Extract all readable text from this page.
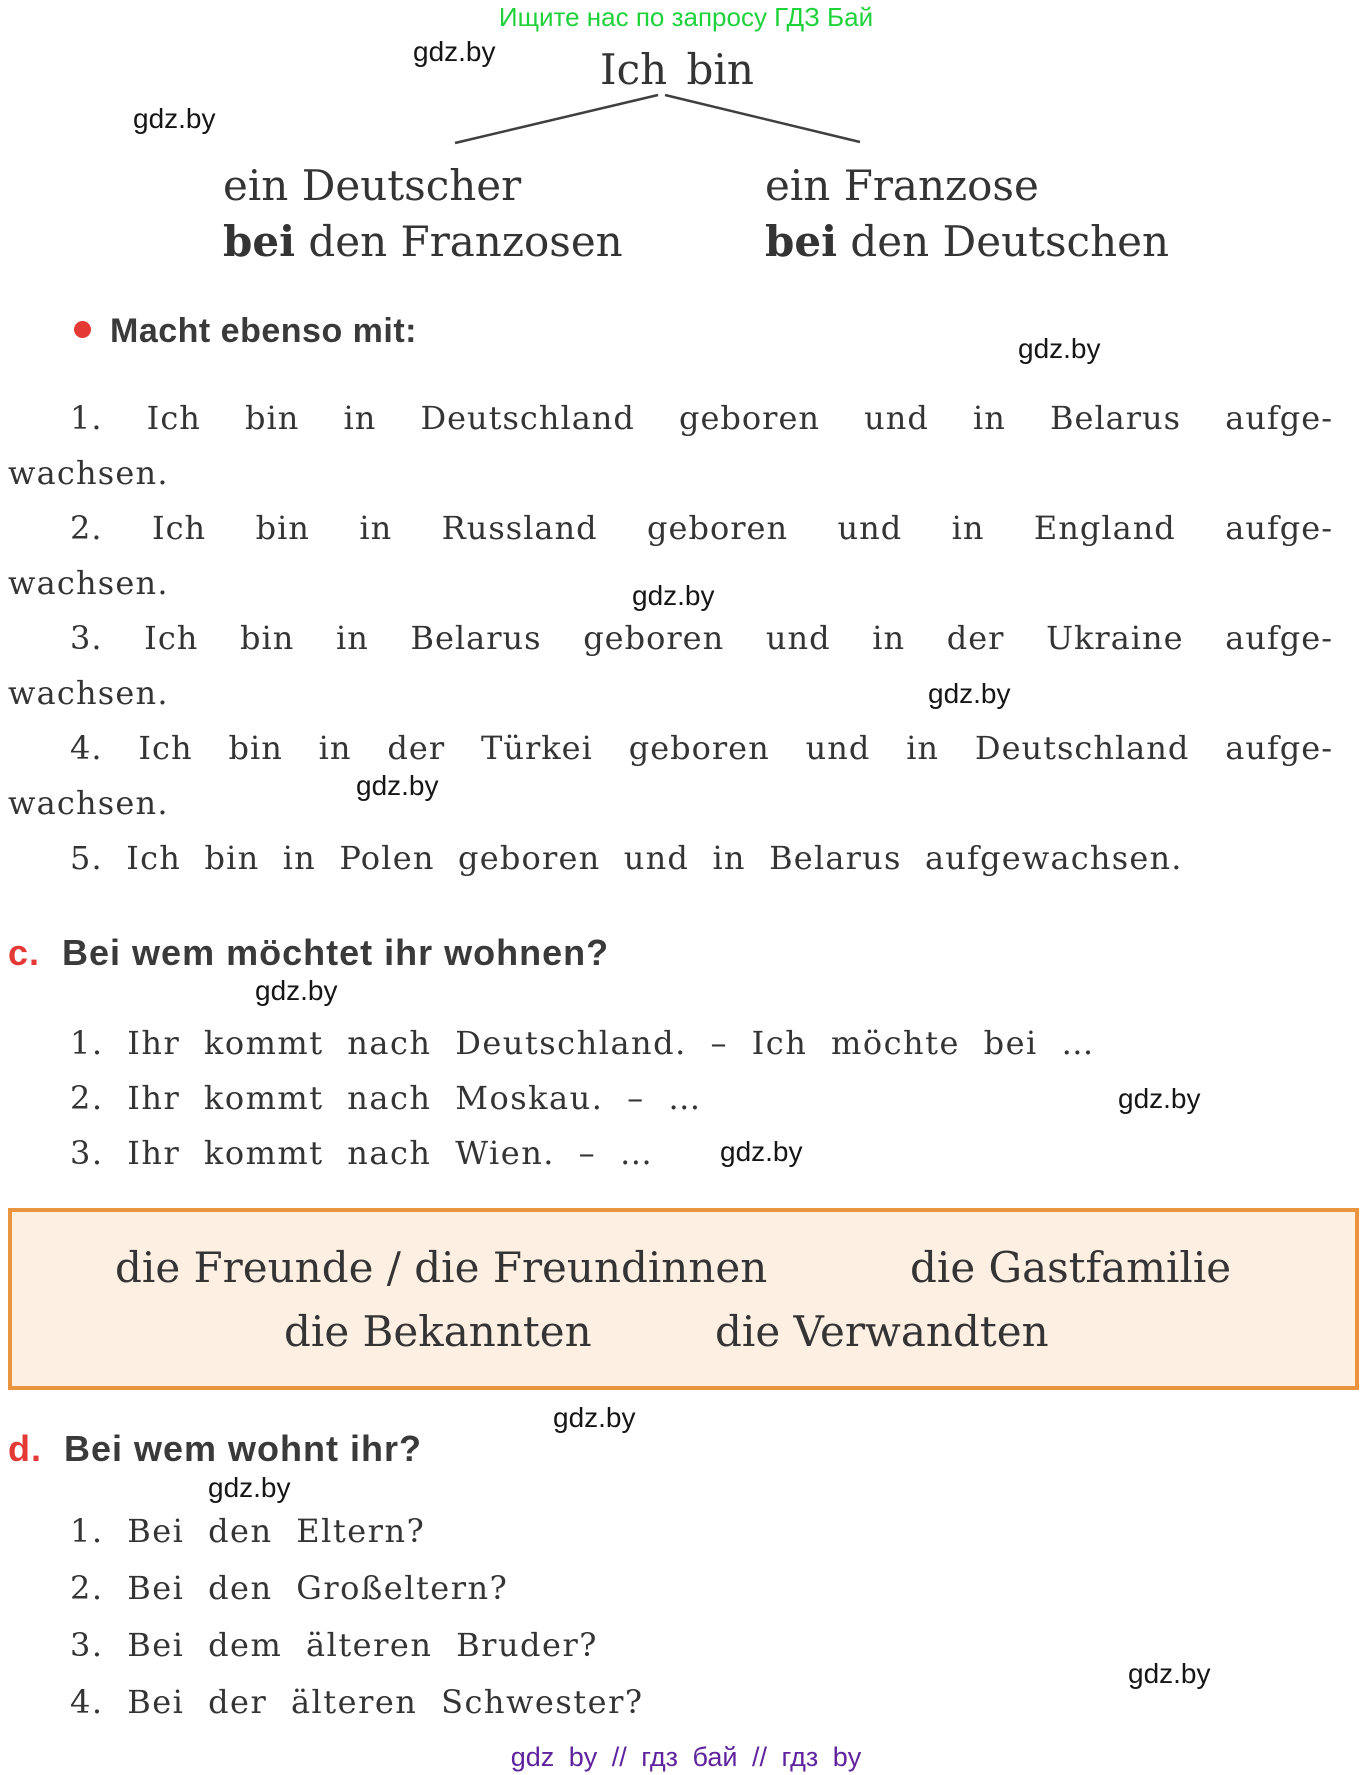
Ищите нас по запросу ГДЗ Бай
gdz.by
gdz.by
gdz.by
gdz.by
gdz.by
gdz.by
gdz.by
gdz.by
gdz.by
gdz.by
gdz.by
gdz.by
Ich bin
ein Deutscher
bei den Franzosen
ein Franzose
bei den Deutschen
Macht ebenso mit:
1. Ich bin in Deutschland geboren und in Belarus aufge-
wachsen.
2. Ich bin in Russland geboren und in England aufge-
wachsen.
3. Ich bin in Belarus geboren und in der Ukraine aufge-
wachsen.
4. Ich bin in der Türkei geboren und in Deutschland aufge-
wachsen.
5. Ich bin in Polen geboren und in Belarus aufgewachsen.
c. Bei wem möchtet ihr wohnen?
1. Ihr kommt nach Deutschland. – Ich möchte bei …
2. Ihr kommt nach Moskau. – …
3. Ihr kommt nach Wien. – …
die Freunde / die Freundinnen	die Gastfamilie
die Bekannten	die Verwandten
d. Bei wem wohnt ihr?
1. Bei den Eltern?
2. Bei den Großeltern?
3. Bei dem älteren Bruder?
4. Bei der älteren Schwester?
gdz by // гдз бай // гдз by
